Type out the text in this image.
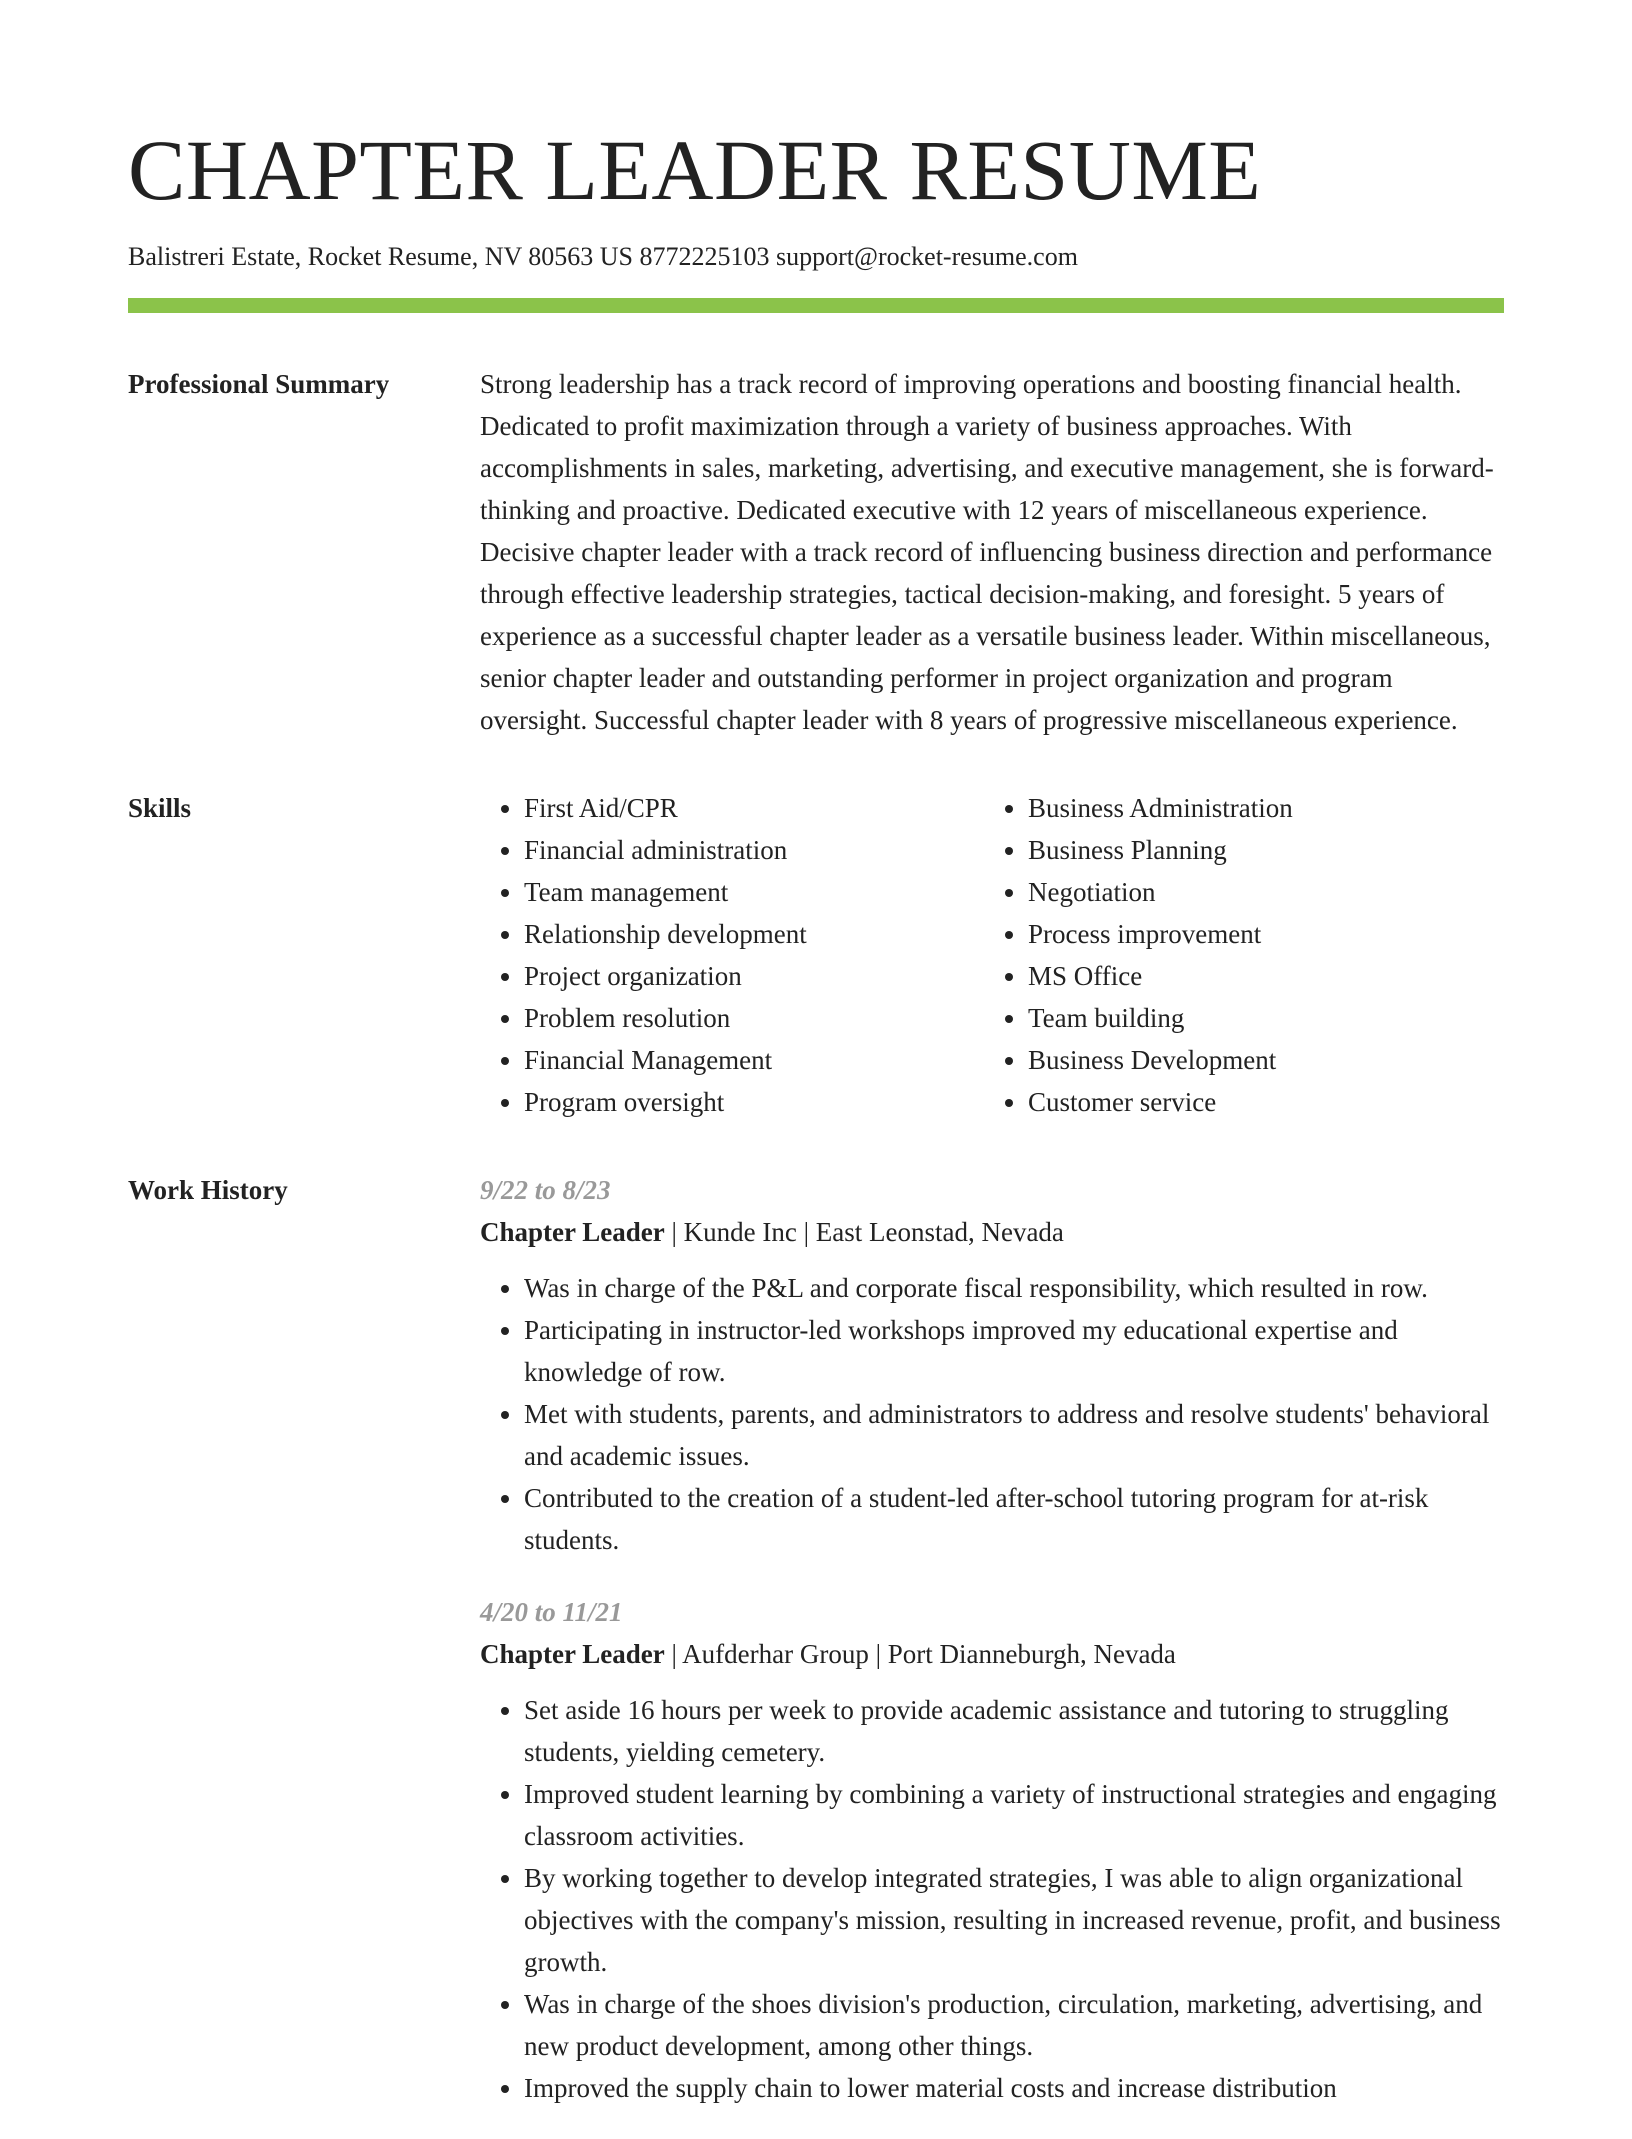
CHAPTER LEADER RESUME
Balistreri Estate, Rocket Resume, NV 80563 US 8772225103 support@rocket-resume.com
Professional Summary	Strong leadership has a track record of improving operations and boosting financial health. Dedicated to profit maximization through a variety of business approaches. With accomplishments in sales, marketing, advertising, and executive management, she is forward-thinking and proactive. Dedicated executive with 12 years of miscellaneous experience. Decisive chapter leader with a track record of influencing business direction and performance through effective leadership strategies, tactical decision-making, and foresight. 5 years of experience as a successful chapter leader as a versatile business leader. Within miscellaneous, senior chapter leader and outstanding performer in project organization and program oversight. Successful chapter leader with 8 years of progressive miscellaneous experience.

Skills
•	First Aid/CPR
• Financial administration
• Team management
• Relationship development
• Project organization
• Problem resolution
• Financial Management
• Program oversight
• Business Administration
• Business Planning
• Negotiation
• Process improvement
• MS Office
• Team building
• Business Development
• Customer service
Work History	9/22 to 8/23
Chapter Leader | Kunde Inc | East Leonstad, Nevada
• Was in charge of the P&L and corporate fiscal responsibility, which resulted in row.
• Participating in instructor-led workshops improved my educational expertise and knowledge of row.
• Met with students, parents, and administrators to address and resolve students' behavioral and academic issues.
• Contributed to the creation of a student-led after-school tutoring program for at-risk students.
4/20 to 11/21
Chapter Leader | Aufderhar Group | Port Dianneburgh, Nevada
• Set aside 16 hours per week to provide academic assistance and tutoring to struggling students, yielding cemetery.
• Improved student learning by combining a variety of instructional strategies and engaging classroom activities.
• By working together to develop integrated strategies, I was able to align organizational objectives with the company's mission, resulting in increased revenue, profit, and business growth.
• Was in charge of the shoes division's production, circulation, marketing, advertising, and new product development, among other things.
• Improved the supply chain to lower material costs and increase distribution
